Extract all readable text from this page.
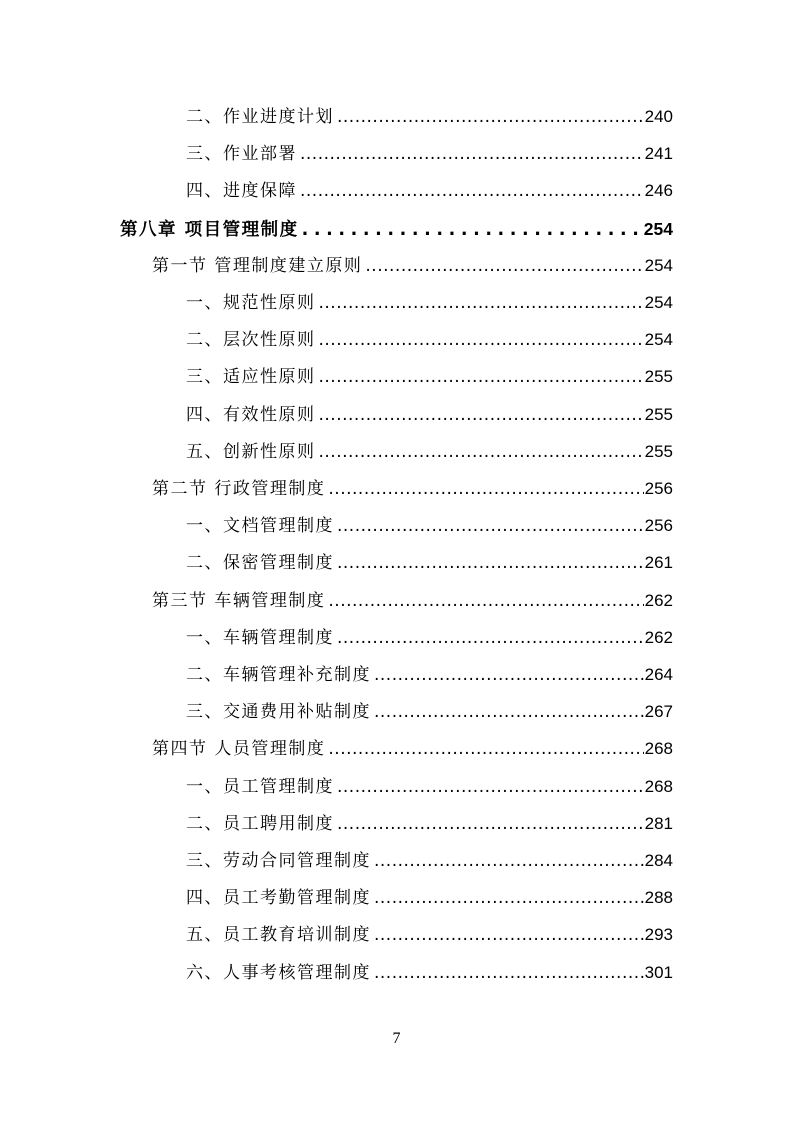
二、作业进度计划 .....	240
三、作业部署 .....	241
四、进度保障 .....	246
第八章 项目管理制度 .....	254
第一节 管理制度建立原则 .....	254
一、规范性原则 .....	254
二、层次性原则 .....	254
三、适应性原则 .....	255
四、有效性原则 .....	255
五、创新性原则 .....	255
第二节 行政管理制度 .....	256
一、文档管理制度 .....	256
二、保密管理制度 .....	261
第三节 车辆管理制度 .....	262
一、车辆管理制度 .....	262
二、车辆管理补充制度 .....	264
三、交通费用补贴制度 .....	267
第四节 人员管理制度 .....	268
一、员工管理制度 .....	268
二、员工聘用制度 .....	281
三、劳动合同管理制度 .....	284
四、员工考勤管理制度 .....	288
五、员工教育培训制度 .....	293
六、人事考核管理制度 .....	301
7
